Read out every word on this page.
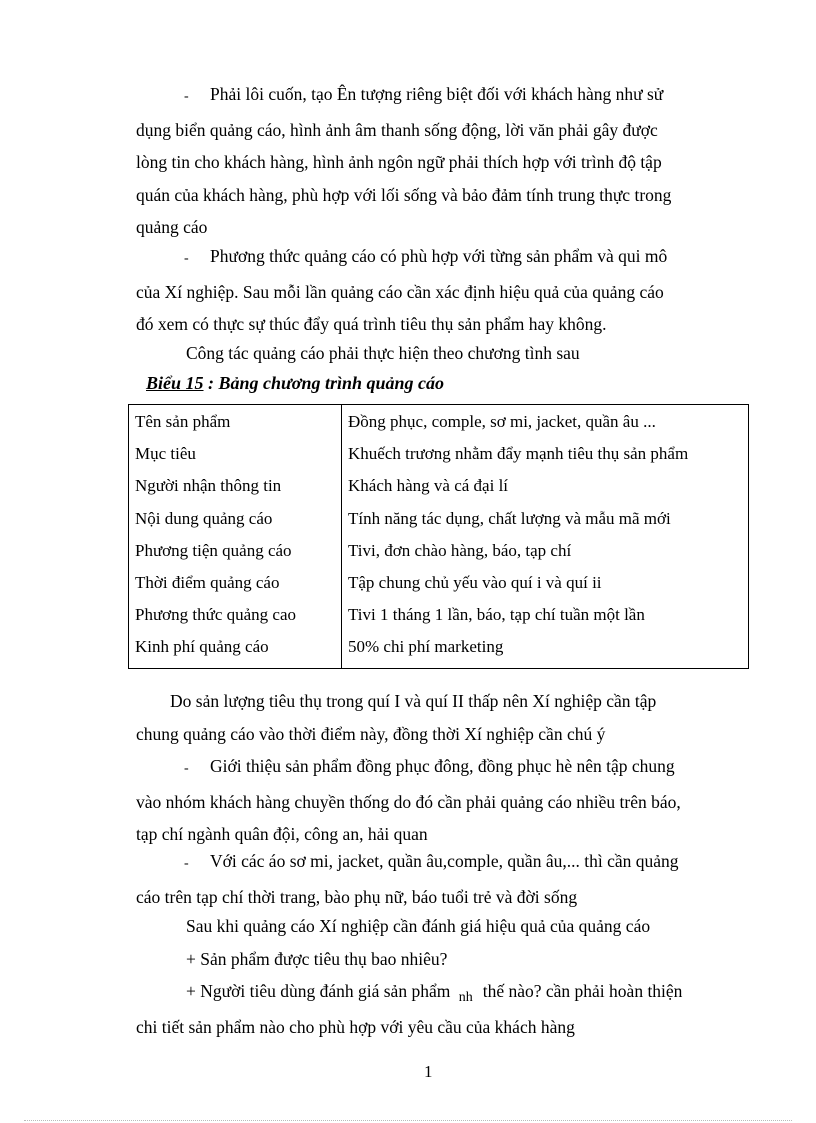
- Phải lôi cuốn, tạo Ên tượng riêng biệt đối với khách hàng như sử
dụng biển quảng cáo, hình ảnh âm thanh sống động, lời văn phải gây được
lòng tin cho khách hàng, hình ảnh ngôn ngữ phải thích hợp với trình độ tập
quán của khách hàng, phù hợp với lối sống và bảo đảm tính trung thực trong
quảng cáo
- Phương thức quảng cáo có phù hợp với từng sản phẩm và qui mô
của Xí nghiệp. Sau mỗi lần quảng cáo cần xác định hiệu quả của quảng cáo
đó xem có thực sự thúc đẩy quá trình tiêu thụ sản phẩm hay không.
Công tác quảng cáo phải thực hiện theo chương tình sau
Biểu 15 : Bảng chương trình quảng cáo
Tên sản phẩm	Đồng phục, comple, sơ mi, jacket, quần âu ...
Mục tiêu	Khuếch trương nhằm đẩy mạnh tiêu thụ sản phẩm
Người nhận thông tin	Khách hàng và cá đại lí
Nội dung quảng cáo	Tính năng tác dụng, chất lượng và mẫu mã mới
Phương tiện quảng cáo	Tivi, đơn chào hàng, báo, tạp chí
Thời điểm quảng cáo	Tập chung chủ yếu vào quí i và quí ii
Phương thức quảng cao	Tivi 1 tháng 1 lần, báo, tạp chí tuần một lần
Kinh phí quảng cáo	50% chi phí marketing
Do sản lượng tiêu thụ trong quí I và quí II thấp nên Xí nghiệp cần tập
chung quảng cáo vào thời điểm này, đồng thời Xí nghiệp cần chú ý
- Giới thiệu sản phẩm đồng phục đông, đồng phục hè nên tập chung
vào nhóm khách hàng chuyền thống do đó cần phải quảng cáo nhiều trên báo,
tạp chí ngành quân đội, công an, hải quan
- Với các áo sơ mi, jacket, quần âu,comple, quần âu,... thì cần quảng
cáo trên tạp chí thời trang, bào phụ nữ, báo tuổi trẻ và đời sống
Sau khi quảng cáo Xí nghiệp cần đánh giá hiệu quả của quảng cáo
+ Sản phẩm được tiêu thụ bao nhiêu?
+ Người tiêu dùng đánh giá sản phẩm $_{nh}$ thế nào? cần phải hoàn thiện
chi tiết sản phẩm nào cho phù hợp với yêu cầu của khách hàng
1
